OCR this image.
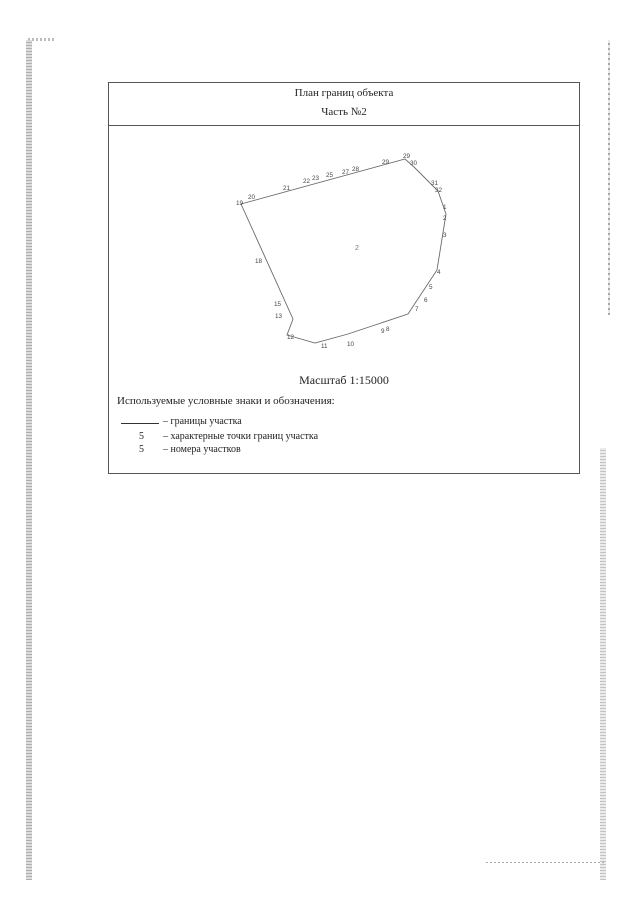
План границ объекта
Часть №2
2
1
2
3
4
5
6
7
8
9
10
11
12
13
15
18
19
20
21
22 23 25 27 28
29
29
30
31
32
Масштаб 1:15000
Используемые условные знаки и обозначения:
– границы участка
5 – характерные точки границ участка
5 – номера участков
